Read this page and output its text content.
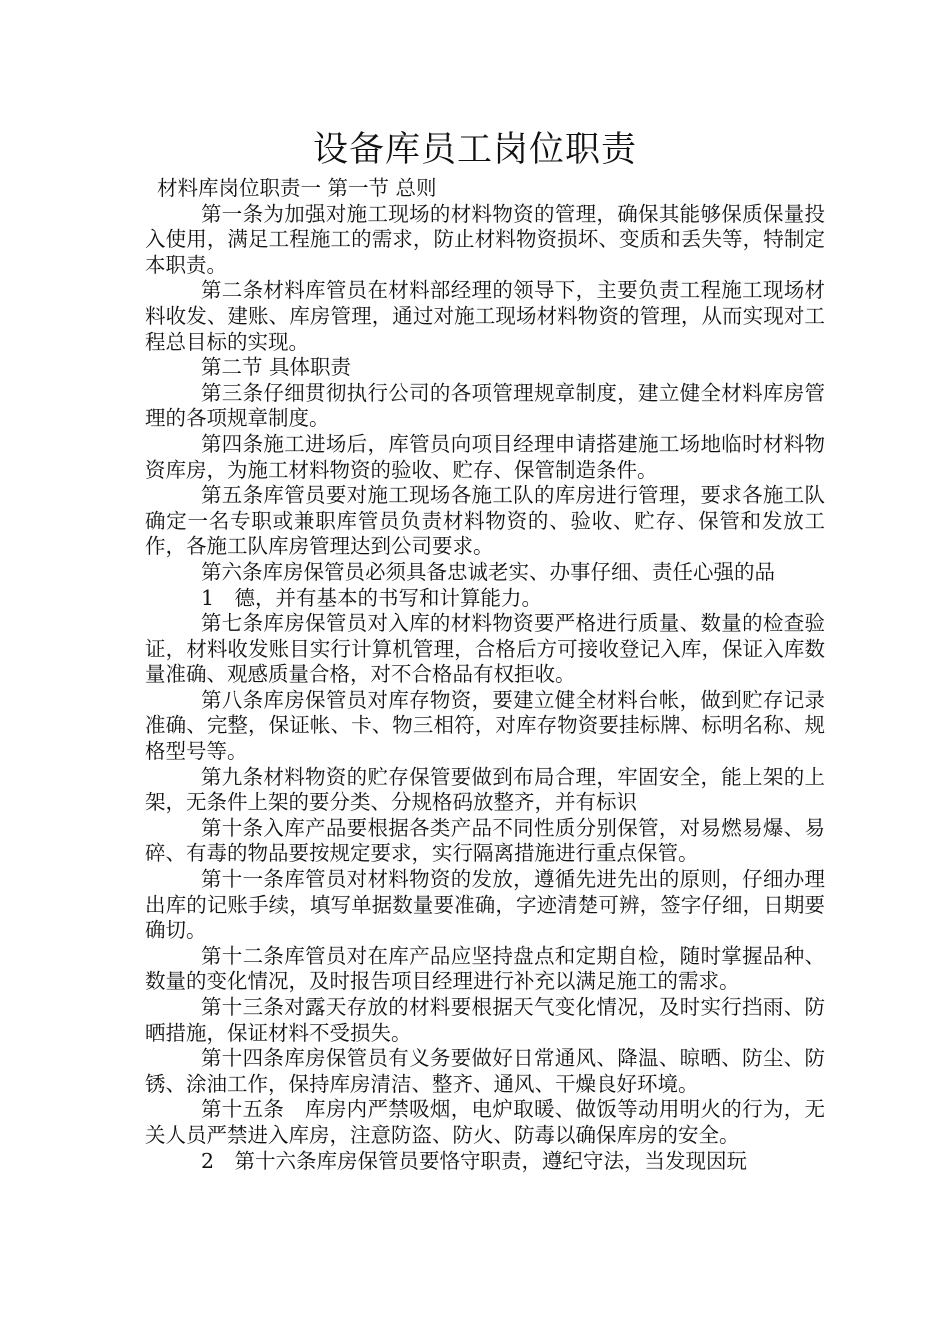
设备库员工岗位职责

材料库岗位职责一 第一节 总则

第一条为加强对施工现场的材料物资的管理，确保其能够保质保量投入使用，满足工程施工的需求，防止材料物资损坏、变质和丢失等，特制定本职责。

第二条材料库管员在材料部经理的领导下，主要负责工程施工现场材料收发、建账、库房管理，通过对施工现场材料物资的管理，从而实现对工程总目标的实现。

第二节 具体职责

第三条仔细贯彻执行公司的各项管理规章制度，建立健全材料库房管理的各项规章制度。

第四条施工进场后，库管员向项目经理申请搭建施工场地临时材料物资库房，为施工材料物资的验收、贮存、保管制造条件。

第五条库管员要对施工现场各施工队的库房进行管理，要求各施工队确定一名专职或兼职库管员负责材料物资的、验收、贮存、保管和发放工作，各施工队库房管理达到公司要求。

第六条库房保管员必须具备忠诚老实、办事仔细、责任心强的品

1　德，并有基本的书写和计算能力。

第七条库房保管员对入库的材料物资要严格进行质量、数量的检查验证，材料收发账目实行计算机管理，合格后方可接收登记入库，保证入库数量准确、观感质量合格，对不合格品有权拒收。

第八条库房保管员对库存物资，要建立健全材料台帐，做到贮存记录准确、完整，保证帐、卡、物三相符，对库存物资要挂标牌、标明名称、规格型号等。

第九条材料物资的贮存保管要做到布局合理，牢固安全，能上架的上架，无条件上架的要分类、分规格码放整齐，并有标识

第十条入库产品要根据各类产品不同性质分别保管，对易燃易爆、易碎、有毒的物品要按规定要求，实行隔离措施进行重点保管。

第十一条库管员对材料物资的发放，遵循先进先出的原则，仔细办理出库的记账手续，填写单据数量要准确，字迹清楚可辨，签字仔细，日期要确切。

第十二条库管员对在库产品应坚持盘点和定期自检，随时掌握品种、数量的变化情况，及时报告项目经理进行补充以满足施工的需求。

第十三条对露天存放的材料要根据天气变化情况，及时实行挡雨、防晒措施，保证材料不受损失。

第十四条库房保管员有义务要做好日常通风、降温、晾晒、防尘、防锈、涂油工作，保持库房清洁、整齐、通风、干燥良好环境。

第十五条　库房内严禁吸烟，电炉取暖、做饭等动用明火的行为，无关人员严禁进入库房，注意防盗、防火、防毒以确保库房的安全。

2　第十六条库房保管员要恪守职责，遵纪守法，当发现因玩
